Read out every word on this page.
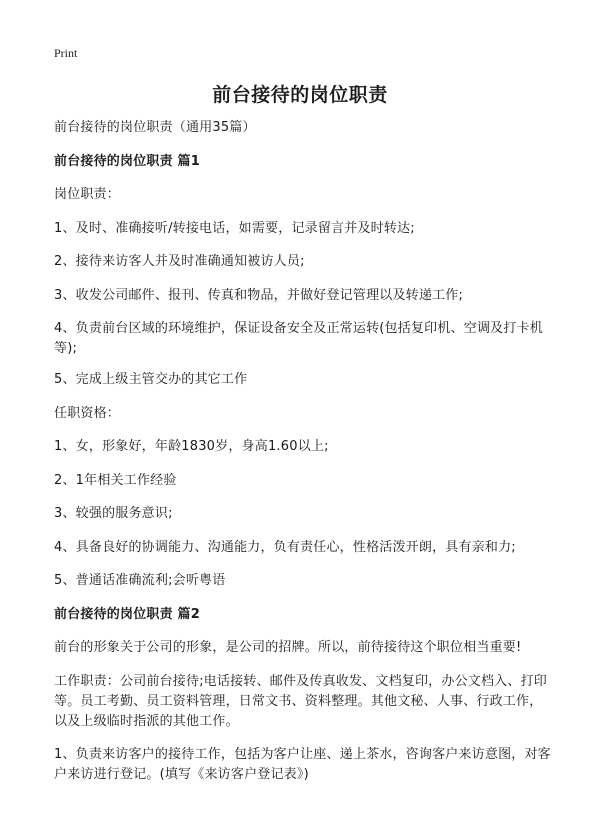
Print
前台接待的岗位职责
前台接待的岗位职责（通用35篇）
前台接待的岗位职责 篇1
岗位职责：
1、及时、准确接听/转接电话，如需要，记录留言并及时转达;
2、接待来访客人并及时准确通知被访人员;
3、收发公司邮件、报刊、传真和物品，并做好登记管理以及转递工作;
4、负责前台区域的环境维护，保证设备安全及正常运转(包括复印机、空调及打卡机等);
5、完成上级主管交办的其它工作
任职资格：
1、女，形象好，年龄1830岁，身高1.60以上;
2、1年相关工作经验
3、较强的服务意识;
4、具备良好的协调能力、沟通能力，负有责任心，性格活泼开朗，具有亲和力;
5、普通话准确流利;会听粤语
前台接待的岗位职责 篇2
前台的形象关于公司的形象，是公司的招牌。所以，前待接待这个职位相当重要!
工作职责：公司前台接待;电话接转、邮件及传真收发、文档复印，办公文档入、打印等。员工考勤、员工资料管理，日常文书、资料整理。其他文秘、人事、行政工作，以及上级临时指派的其他工作。
1、负责来访客户的接待工作，包括为客户让座、递上茶水，咨询客户来访意图，对客户来访进行登记。(填写《来访客户登记表》)
